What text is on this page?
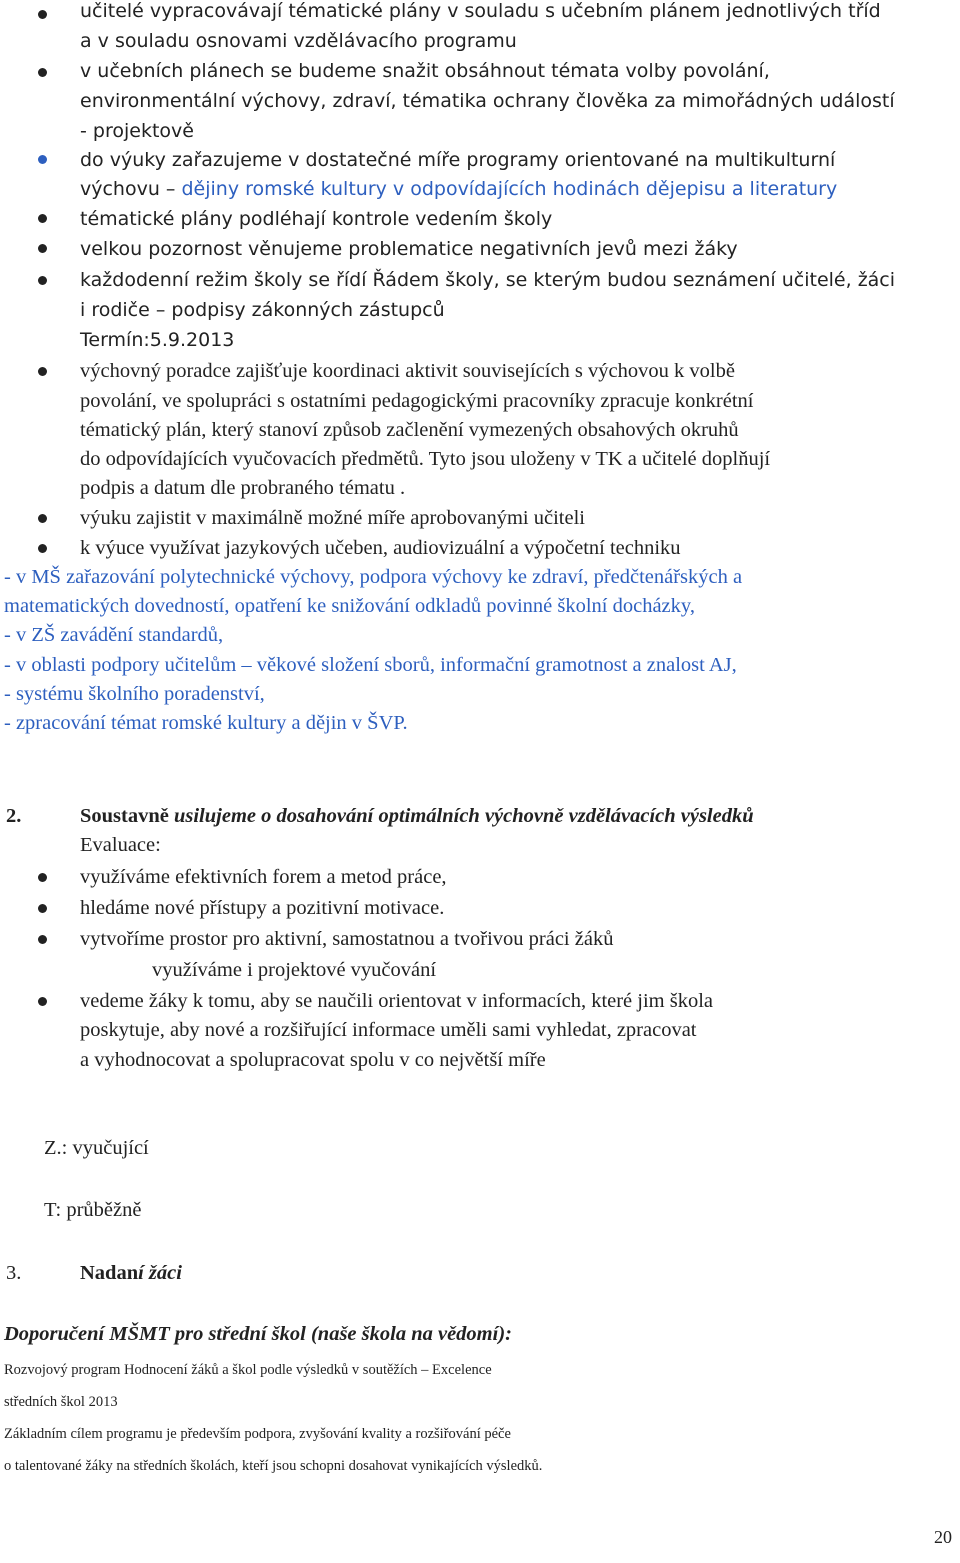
učitelé vypracovávají tématické plány v souladu s učebním plánem jednotlivých tříd
a v souladu osnovami vzdělávacího programu
v učebních plánech se budeme snažit obsáhnout témata volby povolání,
environmentální výchovy, zdraví, tématika ochrany člověka za mimořádných událostí
- projektově
do výuky zařazujeme v dostatečné míře programy orientované na multikulturní
výchovu – dějiny romské kultury v odpovídajících hodinách dějepisu a literatury
tématické plány podléhají kontrole vedením školy
velkou pozornost věnujeme problematice negativních jevů mezi žáky
každodenní režim školy se řídí Řádem školy, se kterým budou seznámení učitelé, žáci
i rodiče – podpisy zákonných zástupců
Termín:5.9.2013
výchovný poradce zajišťuje koordinaci aktivit souvisejících s výchovou k volbě
povolání, ve spolupráci s ostatními pedagogickými pracovníky zpracuje konkrétní
tématický plán, který stanoví způsob začlenění vymezených obsahových okruhů
do odpovídajících vyučovacích předmětů. Tyto jsou uloženy v TK a učitelé doplňují
podpis a datum dle probraného tématu .
výuku zajistit v maximálně možné míře aprobovanými učiteli
k výuce využívat jazykových učeben, audiovizuální a výpočetní techniku
- v MŠ zařazování polytechnické výchovy, podpora výchovy ke zdraví, předčtenářských a
matematických dovedností, opatření ke snižování odkladů povinné školní docházky,
- v ZŠ zavádění standardů,
- v oblasti podpory učitelům – věkové složení sborů, informační gramotnost a znalost AJ,
- systému školního poradenství,
- zpracování témat romské kultury a dějin v ŠVP.
2.	Soustavně usilujeme o dosahování optimálních výchovně vzdělávacích výsledků
Evaluace:
využíváme efektivních forem a metod práce,
hledáme nové přístupy a pozitivní motivace.
vytvoříme prostor pro aktivní, samostatnou a tvořivou práci žáků
využíváme i projektové vyučování
vedeme žáky k tomu, aby se naučili orientovat v informacích, které jim škola
poskytuje, aby nové a rozšiřující informace uměli sami vyhledat, zpracovat
a vyhodnocovat a spolupracovat spolu v co největší míře
Z.: vyučující
T: průběžně
3.	Nadaní žáci
Doporučení MŠMT pro střední škol (naše škola na vědomí):
Rozvojový program Hodnocení žáků a škol podle výsledků v soutěžích – Excelence
středních škol 2013
Základním cílem programu je především podpora, zvyšování kvality a rozšiřování péče
o talentované žáky na středních školách, kteří jsou schopni dosahovat vynikajících výsledků.
20
